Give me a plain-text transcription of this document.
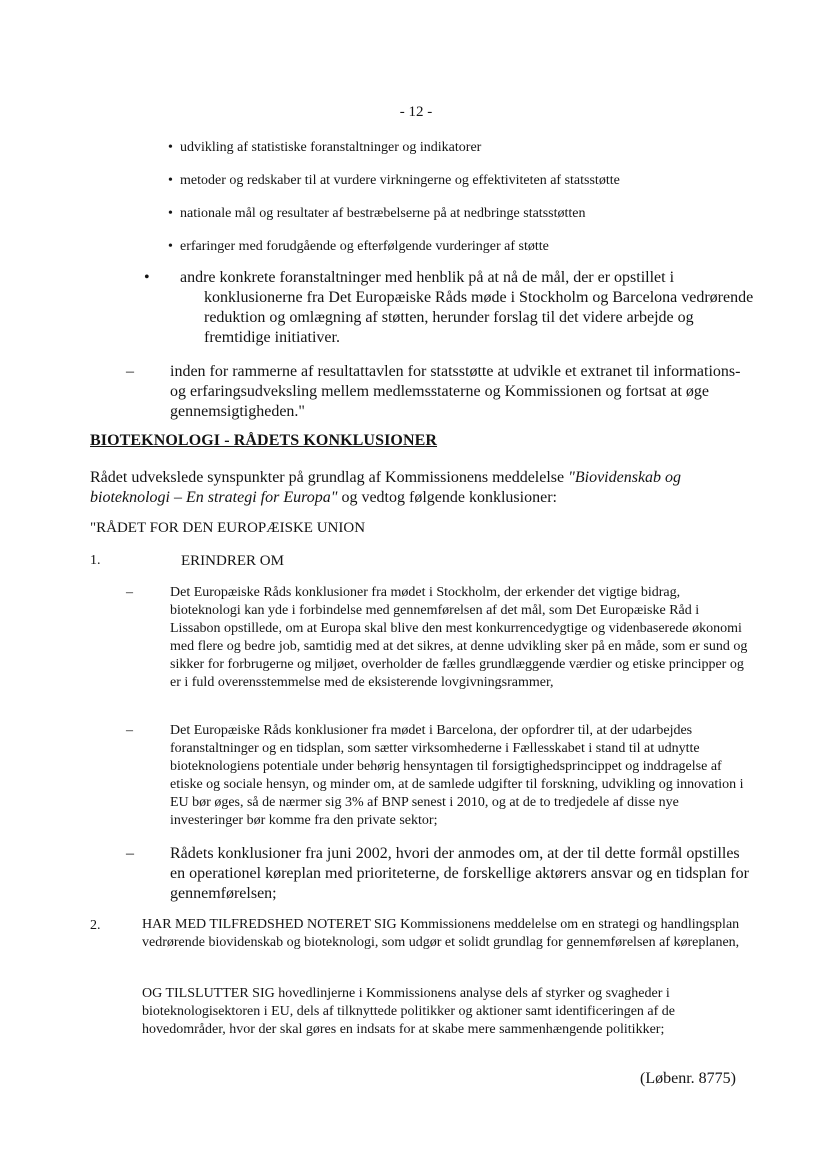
- 12 -
• udvikling af statistiske foranstaltninger og indikatorer
• metoder og redskaber til at vurdere virkningerne og effektiviteten af statsstøtte
• nationale mål og resultater af bestræbelserne på at nedbringe statsstøtten
• erfaringer med forudgående og efterfølgende vurderinger af støtte
• andre konkrete foranstaltninger med henblik på at nå de mål, der er opstillet i konklusionerne fra Det Europæiske Råds møde i Stockholm og Barcelona vedrørende reduktion og omlægning af støtten, herunder forslag til det videre arbejde og fremtidige initiativer.
– inden for rammerne af resultattavlen for statsstøtte at udvikle et extranet til informations- og erfaringsudveksling mellem medlemsstaterne og Kommissionen og fortsat at øge gennemsigtigheden."
BIOTEKNOLOGI - RÅDETS KONKLUSIONER
Rådet udvekslede synspunkter på grundlag af Kommissionens meddelelse "Biovidenskab og bioteknologi – En strategi for Europa" og vedtog følgende konklusioner:
"RÅDET FOR DEN EUROPÆISKE UNION
1.	ERINDRER OM
–	Det Europæiske Råds konklusioner fra mødet i Stockholm, der erkender det vigtige bidrag, bioteknologi kan yde i forbindelse med gennemførelsen af det mål, som Det Europæiske Råd i Lissabon opstillede, om at Europa skal blive den mest konkurrencedygtige og videnbaserede økonomi med flere og bedre job, samtidig med at det sikres, at denne udvikling sker på en måde, som er sund og sikker for forbrugerne og miljøet, overholder de fælles grundlæggende værdier og etiske principper og er i fuld overensstemmelse med de eksisterende lovgivningsrammer,
–	Det Europæiske Råds konklusioner fra mødet i Barcelona, der opfordrer til, at der udarbejdes foranstaltninger og en tidsplan, som sætter virksomhederne i Fællesskabet i stand til at udnytte bioteknologiens potentiale under behørig hensyntagen til forsigtighedsprincippet og inddragelse af etiske og sociale hensyn, og minder om, at de samlede udgifter til forskning, udvikling og innovation i EU bør øges, så de nærmer sig 3% af BNP senest i 2010, og at de to tredjedele af disse nye investeringer bør komme fra den private sektor;
– Rådets konklusioner fra juni 2002, hvori der anmodes om, at der til dette formål opstilles en operationel køreplan med prioriteterne, de forskellige aktørers ansvar og en tidsplan for gennemførelsen;
2.	HAR MED TILFREDSHED NOTERET SIG Kommissionens meddelelse om en strategi og handlingsplan vedrørende biovidenskab og bioteknologi, som udgør et solidt grundlag for gennemførelsen af køreplanen,
OG TILSLUTTER SIG hovedlinjerne i Kommissionens analyse dels af styrker og svagheder i bioteknologisektoren i EU, dels af tilknyttede politikker og aktioner samt identificeringen af de hovedområder, hvor der skal gøres en indsats for at skabe mere sammenhængende politikker;
(Løbenr. 8775)
